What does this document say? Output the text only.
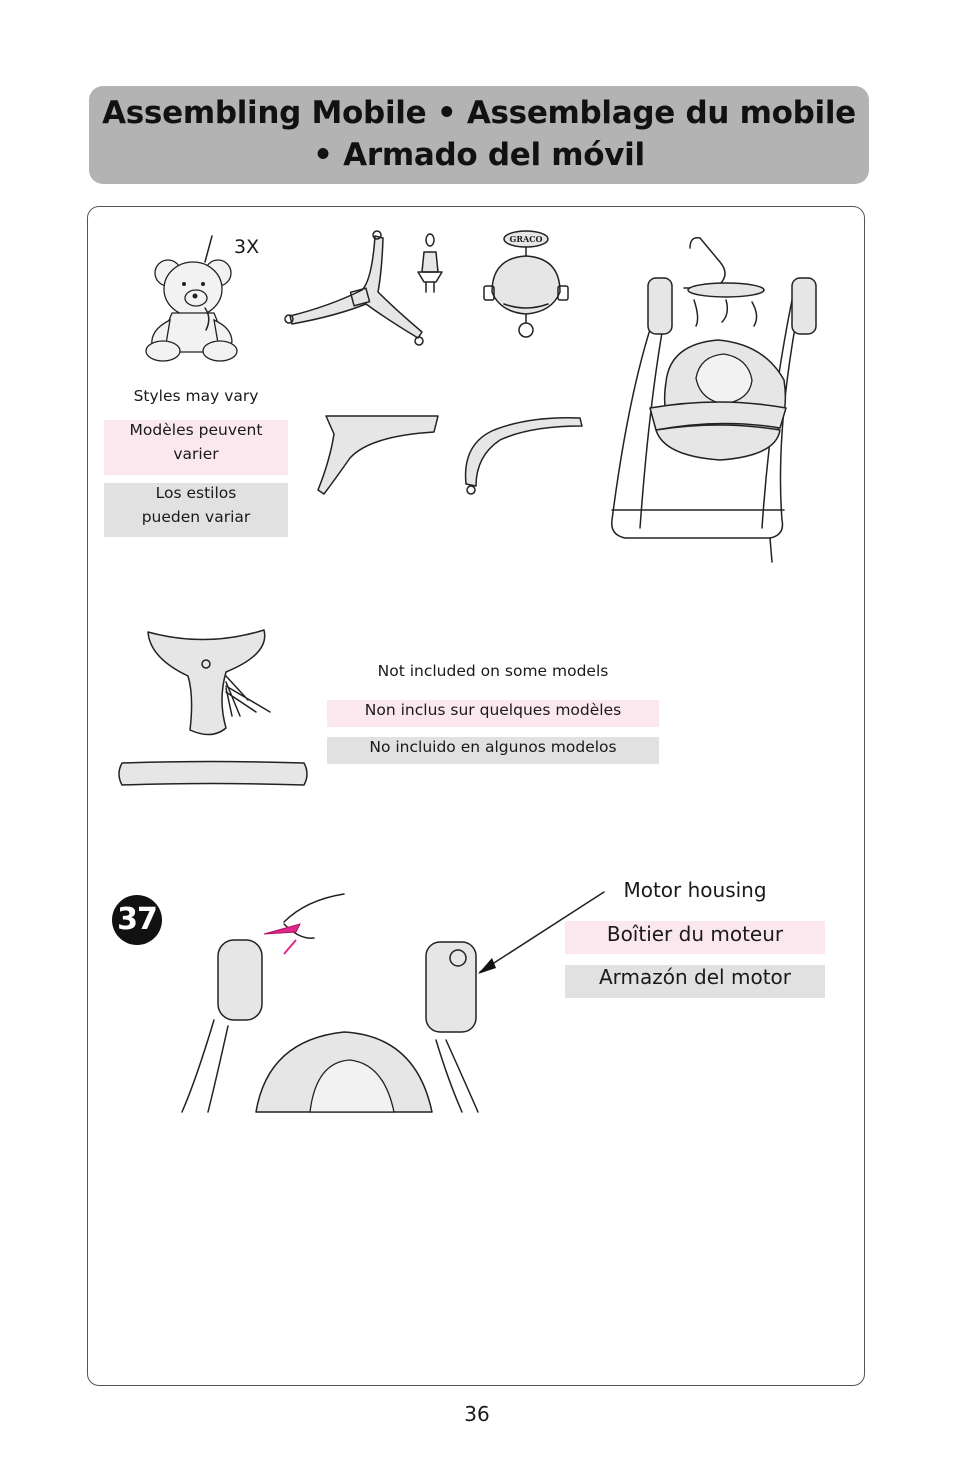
Assembling Mobile • Assemblage du mobile
• Armado del móvil
GRACO
3X
Styles may vary
Modèles peuvent varier
Los estilos pueden variar
Not included on some models
Non inclus sur quelques modèles
No incluido en algunos modelos
37
Motor housing
Boîtier du moteur
Armazón del motor
36
